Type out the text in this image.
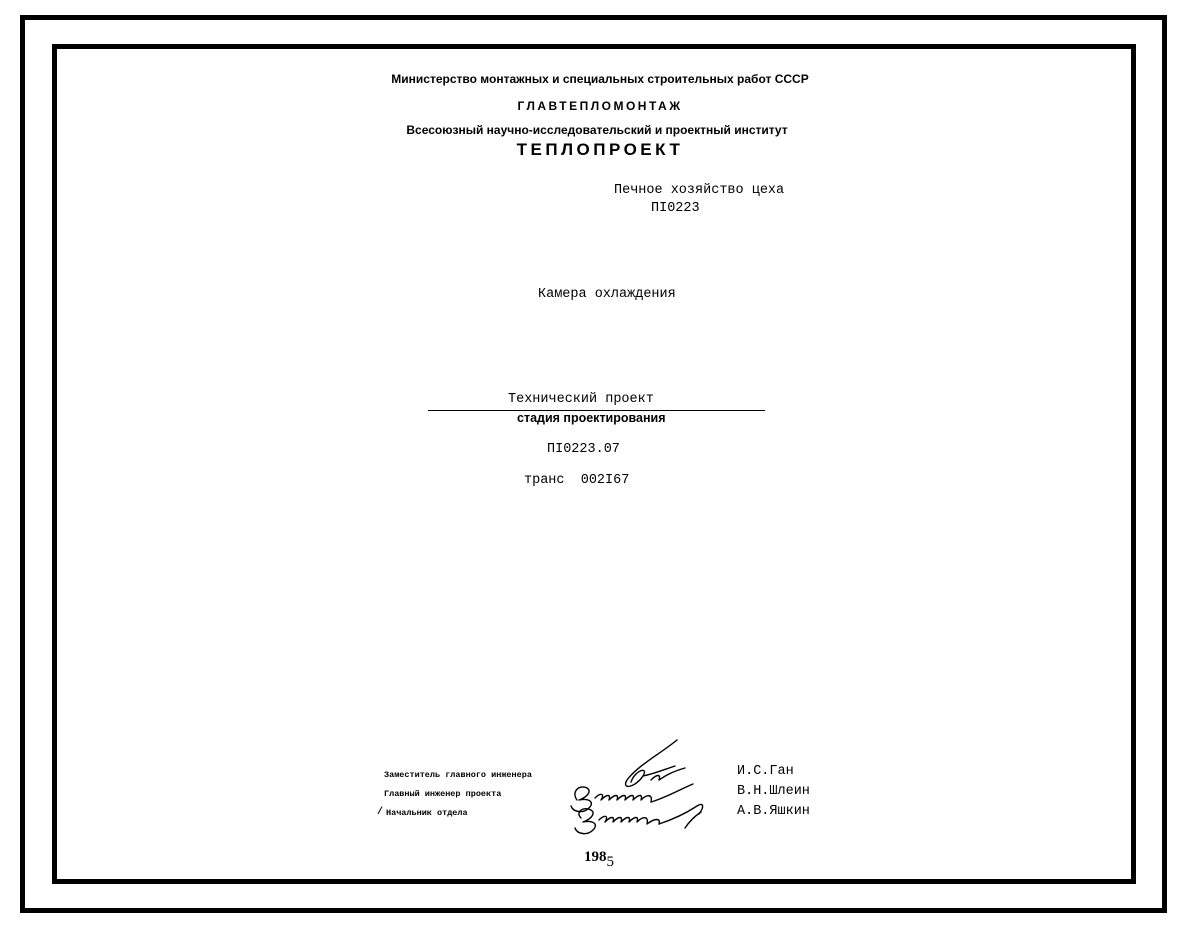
Министерство монтажных и специальных строительных работ СССР
ГЛАВТЕПЛОМОНТАЖ
Всесоюзный научно-исследовательский и проектный институт
ТЕПЛОПРОЕКТ
Печное хозяйство цеха
ПI0223
Камера охлаждения
Технический проект
стадия проектирования
ПI0223.07
транс 002I67
Заместитель главного инженера
Главный инженер проекта
/ Начальник отдела
И.С.Ган
В.Н.Шлеин
А.В.Яшкин
1985
